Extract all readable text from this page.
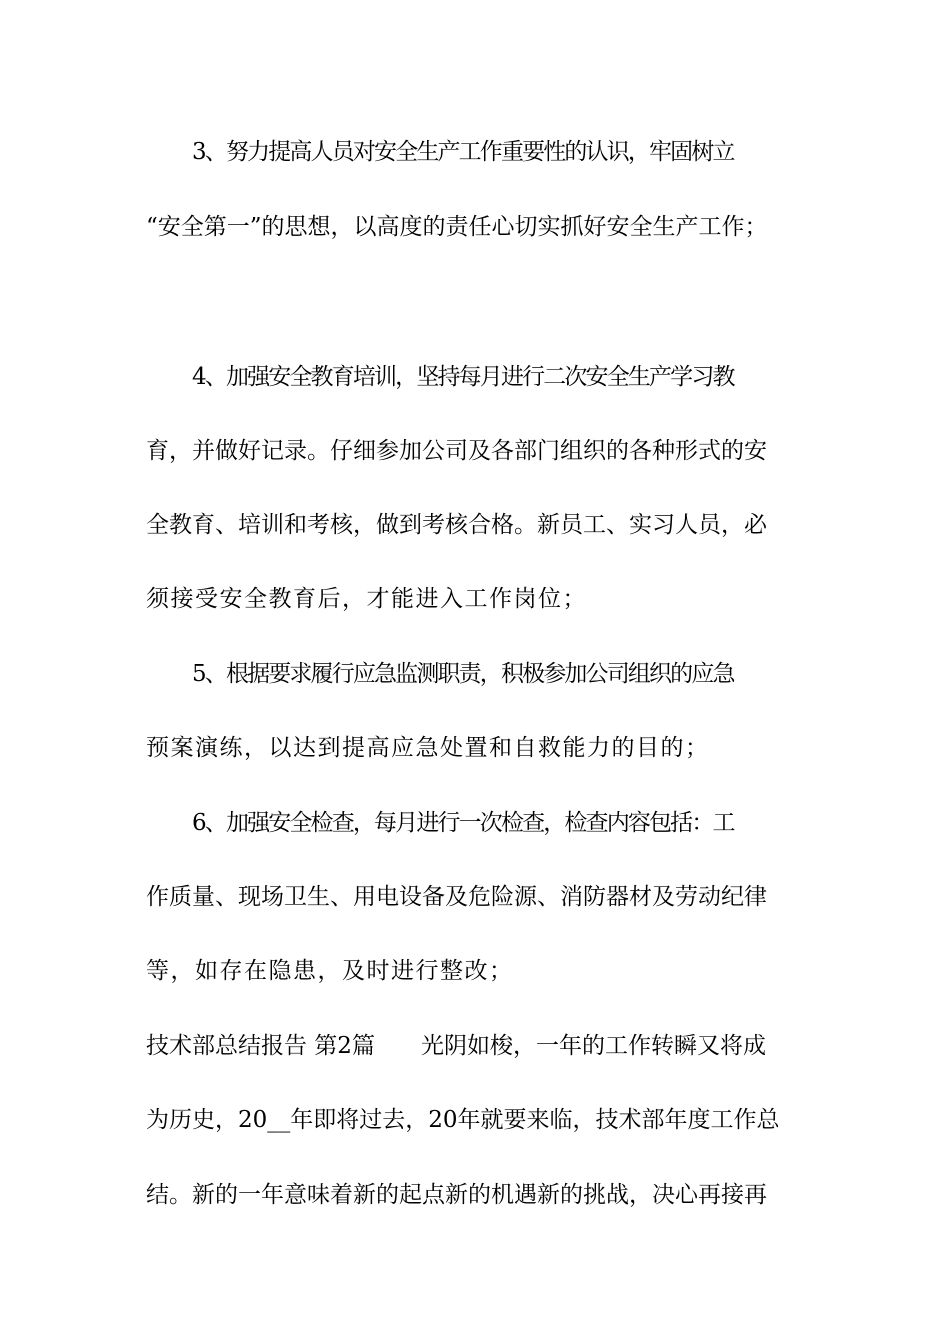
3、努力提高人员对安全生产工作重要性的认识，牢固树立
“安全第一”的思想，以高度的责任心切实抓好安全生产工作；
4、加强安全教育培训，坚持每月进行二次安全生产学习教
育，并做好记录。仔细参加公司及各部门组织的各种形式的安
全教育、培训和考核，做到考核合格。新员工、实习人员，必
须接受安全教育后，才能进入工作岗位；
5、根据要求履行应急监测职责，积极参加公司组织的应急
预案演练，以达到提高应急处置和自救能力的目的；
6、加强安全检查，每月进行一次检查，检查内容包括：工
作质量、现场卫生、用电设备及危险源、消防器材及劳动纪律
等，如存在隐患，及时进行整改；
技术部总结报告 第2篇　　光阴如梭，一年的工作转瞬又将成
为历史，20__年即将过去，20年就要来临，技术部年度工作总
结。新的一年意味着新的起点新的机遇新的挑战，决心再接再
